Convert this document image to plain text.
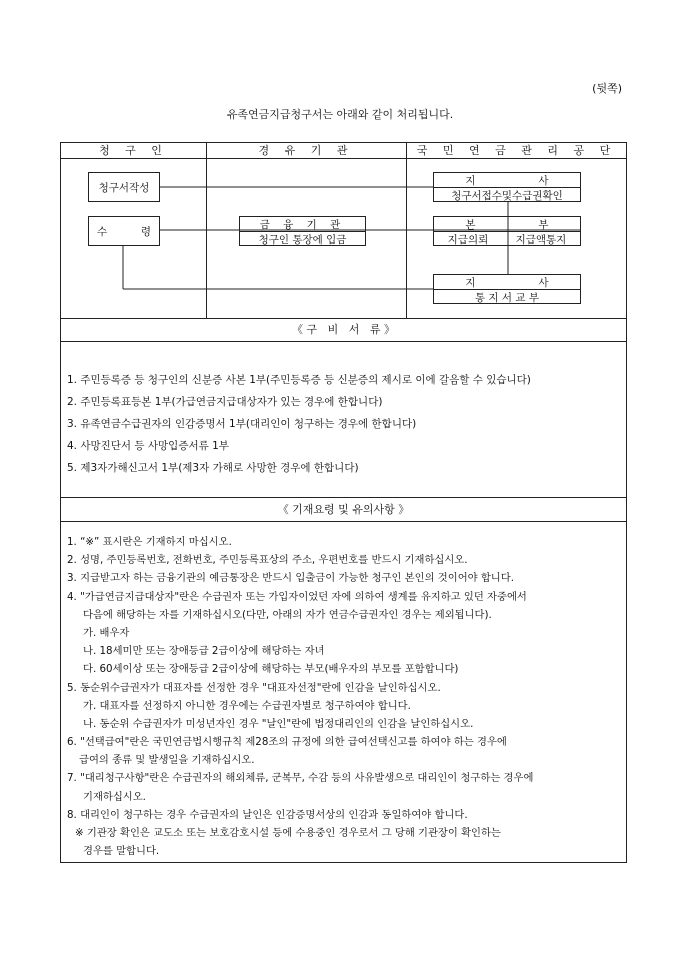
(뒷쪽)
유족연금지급청구서는 아래와 같이 처리됩니다.
청 구 인	경 유 기 관	국 민 연 금 관 리 공 단
청구서작성
수	령
금 융 기 관
청구인 통장에 입금
지	사
청구서접수및수급권확인
본	부
지급의뢰	지급액통지
지	사
통 지 서 교 부
《 구   비   서   류 》
1. 주민등록증 등 청구인의 신분증 사본 1부(주민등록증 등 신분증의 제시로 이에 갈음할 수 있습니다)
2. 주민등록표등본 1부(가급연금지급대상자가 있는 경우에 한합니다)
3. 유족연금수급권자의 인감증명서 1부(대리인이 청구하는 경우에 한합니다)
4. 사망진단서 등 사망입증서류 1부
5. 제3자가해신고서 1부(제3자 가해로 사망한 경우에 한합니다)
《 기재요령 및 유의사항 》
1. “※” 표시란은 기재하지 마십시오.
2. 성명, 주민등록번호, 전화번호, 주민등록표상의 주소, 우편번호를 반드시 기재하십시오.
3. 지급받고자 하는 금융기관의 예금통장은 반드시 입출금이 가능한 청구인 본인의 것이어야 합니다.
4. "가급연금지급대상자"란은 수급권자 또는 가입자이었던 자에 의하여 생계를 유지하고 있던 자중에서
다음에 해당하는 자를 기재하십시오(다만, 아래의 자가 연금수급권자인 경우는 제외됩니다).
가. 배우자
나. 18세미만 또는 장애등급 2급이상에 해당하는 자녀
다. 60세이상 또는 장애등급 2급이상에 해당하는 부모(배우자의 부모를 포함합니다)
5. 동순위수급권자가 대표자를 선정한 경우 "대표자선정"란에 인감을 날인하십시오.
가. 대표자를 선정하지 아니한 경우에는 수급권자별로 청구하여야 합니다.
나. 동순위 수급권자가 미성년자인 경우 "날인"란에 법정대리인의 인감을 날인하십시오.
6. "선택급여"란은 국민연금법시행규칙 제28조의 규정에 의한 급여선택신고를 하여야 하는 경우에
급여의 종류 및 발생일을 기재하십시오.
7. "대리청구사항"란은 수급권자의 해외체류, 군복무, 수감 등의 사유발생으로 대리인이 청구하는 경우에
기재하십시오.
8. 대리인이 청구하는 경우 수급권자의 날인은 인감증명서상의 인감과 동일하여야 합니다.
※ 기관장 확인은 교도소 또는 보호감호시설 등에 수용중인 경우로서 그 당해 기관장이 확인하는
경우를 말합니다.
